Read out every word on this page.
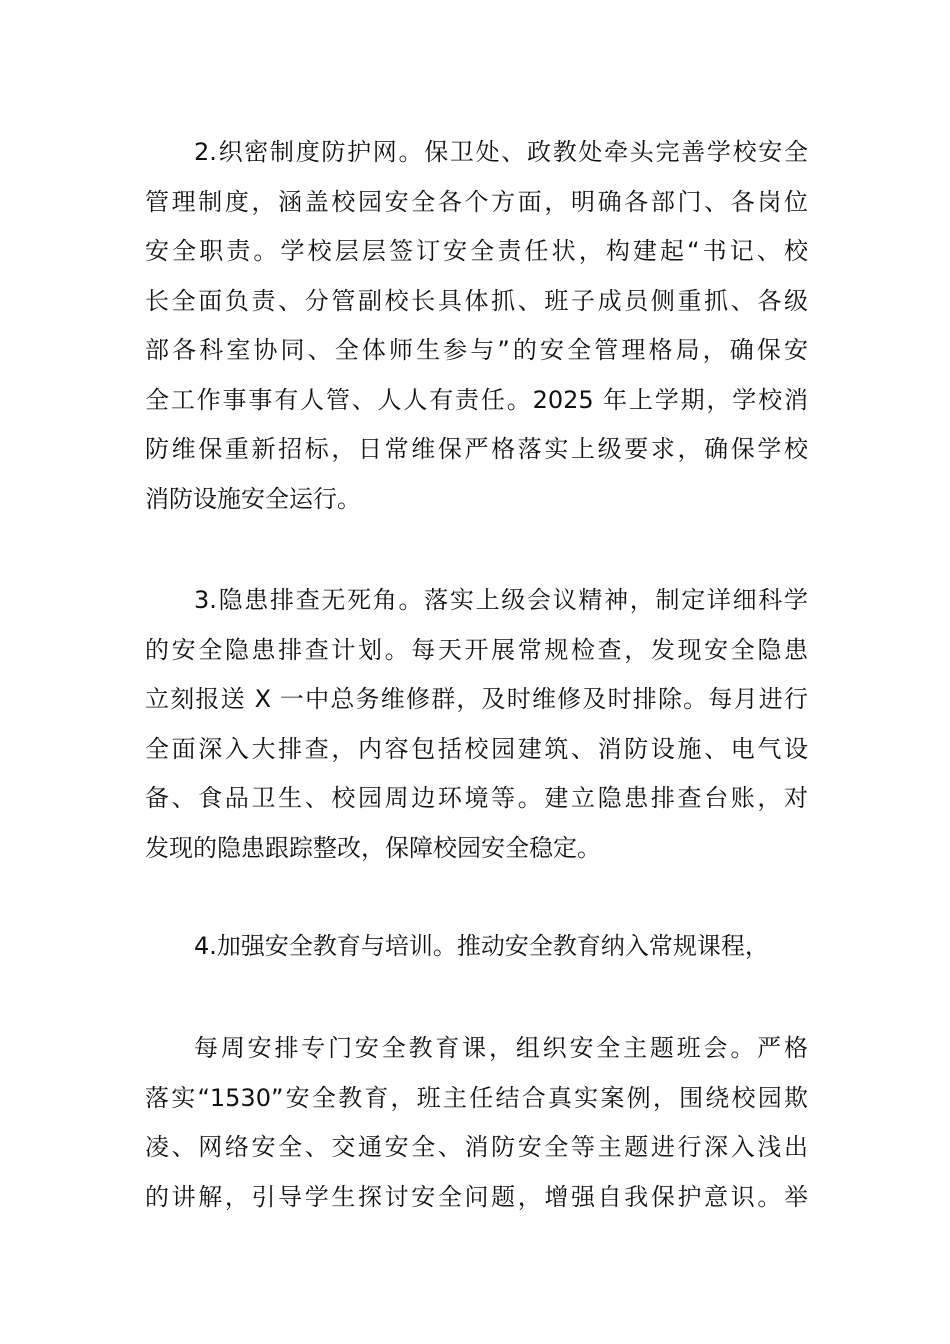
2.织密制度防护网。保卫处、政教处牵头完善学校安全
管理制度，涵盖校园安全各个方面，明确各部门、各岗位
安全职责。学校层层签订安全责任状，构建起“书记、校
长全面负责、分管副校长具体抓、班子成员侧重抓、各级
部各科室协同、全体师生参与”的安全管理格局，确保安
全工作事事有人管、人人有责任。2025 年上学期，学校消
防维保重新招标，日常维保严格落实上级要求，确保学校
消防设施安全运行。
3.隐患排查无死角。落实上级会议精神，制定详细科学
的安全隐患排查计划。每天开展常规检查，发现安全隐患
立刻报送 X 一中总务维修群，及时维修及时排除。每月进行
全面深入大排查，内容包括校园建筑、消防设施、电气设
备、食品卫生、校园周边环境等。建立隐患排查台账，对
发现的隐患跟踪整改，保障校园安全稳定。
4.加强安全教育与培训。推动安全教育纳入常规课程，
每周安排专门安全教育课，组织安全主题班会。严格
落实“1530”安全教育，班主任结合真实案例，围绕校园欺
凌、网络安全、交通安全、消防安全等主题进行深入浅出
的讲解，引导学生探讨安全问题，增强自我保护意识。举
